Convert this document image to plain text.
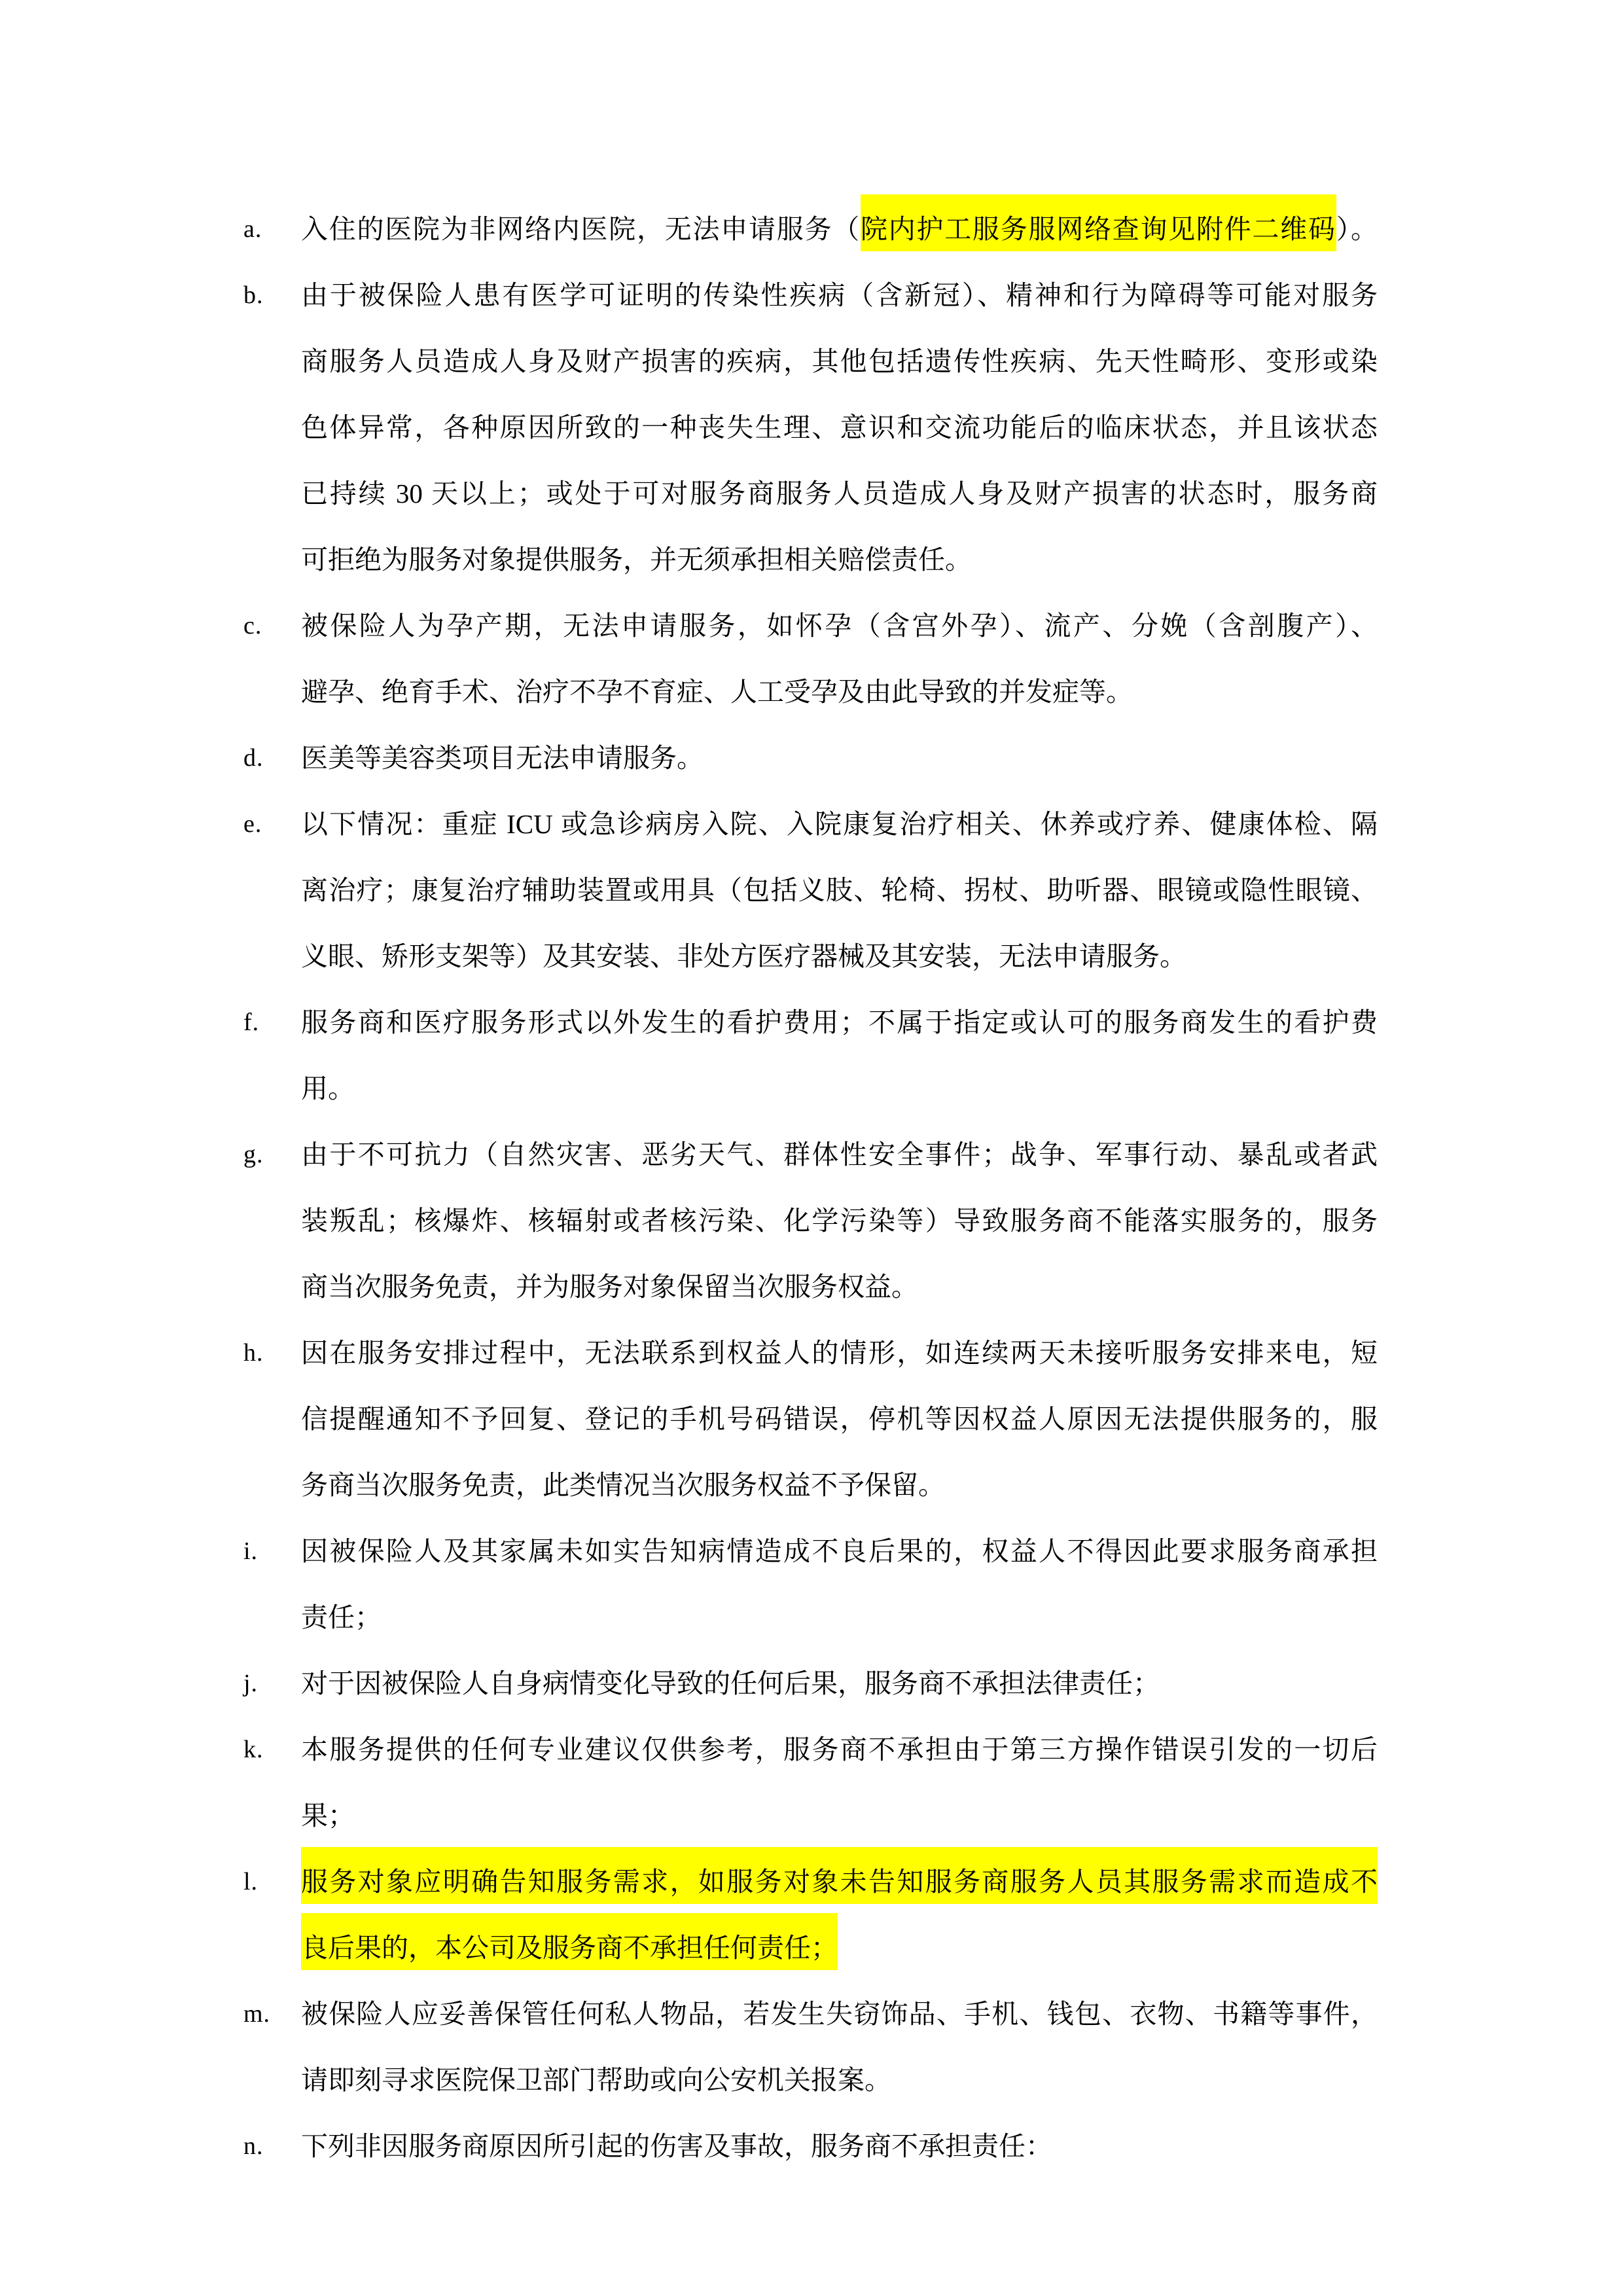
a.	入住的医院为非网络内医院，无法申请服务（院内护工服务服网络查询见附件二维码）。
b.	由于被保险人患有医学可证明的传染性疾病（含新冠）、精神和行为障碍等可能对服务
商服务人员造成人身及财产损害的疾病，其他包括遗传性疾病、先天性畸形、变形或染
色体异常，各种原因所致的一种丧失生理、意识和交流功能后的临床状态，并且该状态
已持续 30 天以上；或处于可对服务商服务人员造成人身及财产损害的状态时，服务商
可拒绝为服务对象提供服务，并无须承担相关赔偿责任。
c.	被保险人为孕产期，无法申请服务，如怀孕（含宫外孕）、流产、分娩（含剖腹产）、
避孕、绝育手术、治疗不孕不育症、人工受孕及由此导致的并发症等。
d.	医美等美容类项目无法申请服务。
e.	以下情况：重症 ICU 或急诊病房入院、入院康复治疗相关、休养或疗养、健康体检、隔
离治疗；康复治疗辅助装置或用具（包括义肢、轮椅、拐杖、助听器、眼镜或隐性眼镜、
义眼、矫形支架等）及其安装、非处方医疗器械及其安装，无法申请服务。
f.	服务商和医疗服务形式以外发生的看护费用；不属于指定或认可的服务商发生的看护费
用。
g.	由于不可抗力（自然灾害、恶劣天气、群体性安全事件；战争、军事行动、暴乱或者武
装叛乱；核爆炸、核辐射或者核污染、化学污染等）导致服务商不能落实服务的，服务
商当次服务免责，并为服务对象保留当次服务权益。
h.	因在服务安排过程中，无法联系到权益人的情形，如连续两天未接听服务安排来电，短
信提醒通知不予回复、登记的手机号码错误，停机等因权益人原因无法提供服务的，服
务商当次服务免责，此类情况当次服务权益不予保留。
i.	因被保险人及其家属未如实告知病情造成不良后果的，权益人不得因此要求服务商承担
责任；
j.	对于因被保险人自身病情变化导致的任何后果，服务商不承担法律责任；
k.	本服务提供的任何专业建议仅供参考，服务商不承担由于第三方操作错误引发的一切后
果；
l.	服务对象应明确告知服务需求，如服务对象未告知服务商服务人员其服务需求而造成不
良后果的，本公司及服务商不承担任何责任；
m.	被保险人应妥善保管任何私人物品，若发生失窃饰品、手机、钱包、衣物、书籍等事件，
请即刻寻求医院保卫部门帮助或向公安机关报案。
n.	下列非因服务商原因所引起的伤害及事故，服务商不承担责任：
